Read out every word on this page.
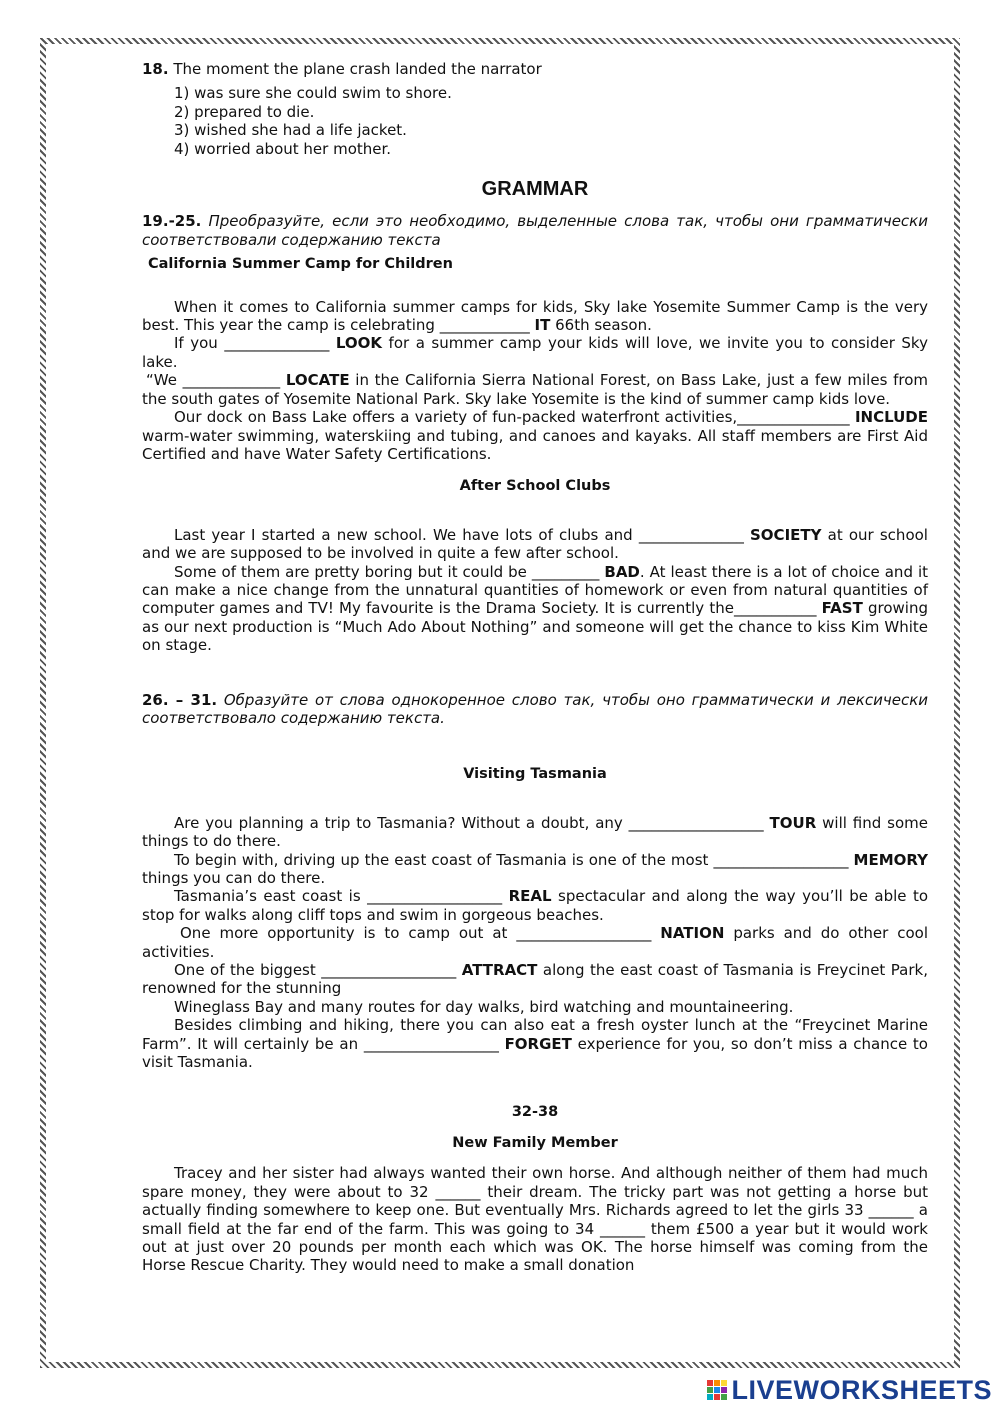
18. The moment the plane crash landed the narrator

1) was sure she could swim to shore.
2) prepared to die.
3) wished she had a life jacket.
4) worried about her mother.
GRAMMAR

19.-25. Преобразуйте, если это необходимо, выделенные слова так, чтобы они грамматически соответствовали содержанию текста

California Summer Camp for Children

When it comes to California summer camps for kids, Sky lake Yosemite Summer Camp is the very best. This year the camp is celebrating ____________ IT 66th season.

If you ______________ LOOK for a summer camp your kids will love, we invite you to consider Sky lake.

“We _____________ LOCATE in the California Sierra National Forest, on Bass Lake, just a few miles from the south gates of Yosemite National Park. Sky lake Yosemite is the kind of summer camp kids love.

Our dock on Bass Lake offers a variety of fun-packed waterfront activities,_______________ INCLUDE warm-water swimming, waterskiing and tubing, and canoes and kayaks. All staff members are First Aid Certified and have Water Safety Certifications.

After School Clubs

Last year I started a new school. We have lots of clubs and ______________ SOCIETY at our school and we are supposed to be involved in quite a few after school.

Some of them are pretty boring but it could be _________ BAD. At least there is a lot of choice and it can make a nice change from the unnatural quantities of homework or even from natural quantities of computer games and TV! My favourite is the Drama Society. It is currently the___________ FAST growing as our next production is “Much Ado About Nothing” and someone will get the chance to kiss Kim White on stage.

26. – 31. Образуйте от слова однокоренное слово так, чтобы оно грамматически и лексически соответствовало содержанию текста.

Visiting Tasmania

Are you planning a trip to Tasmania? Without a doubt, any __________________ TOUR will find some things to do there.

To begin with, driving up the east coast of Tasmania is one of the most __________________ MEMORY things you can do there.

Tasmania’s east coast is __________________ REAL spectacular and along the way you’ll be able to stop for walks along cliff tops and swim in gorgeous beaches.

One more opportunity is to camp out at __________________ NATION parks and do other cool activities.

One of the biggest __________________ ATTRACT along the east coast of Tasmania is Freycinet Park, renowned for the stunning

Wineglass Bay and many routes for day walks, bird watching and mountaineering.

Besides climbing and hiking, there you can also eat a fresh oyster lunch at the “Freycinet Marine Farm”. It will certainly be an __________________ FORGET experience for you, so don’t miss a chance to visit Tasmania.

32-38

New Family Member

Tracey and her sister had always wanted their own horse. And although neither of them had much spare money, they were about to 32 ______ their dream. The tricky part was not getting a horse but actually finding somewhere to keep one. But eventually Mrs. Richards agreed to let the girls 33 ______ a small field at the far end of the farm. This was going to 34 ______ them £500 a year but it would work out at just over 20 pounds per month each which was OK. The horse himself was coming from the Horse Rescue Charity. They would need to make a small donation

LIVEWORKSHEETS
